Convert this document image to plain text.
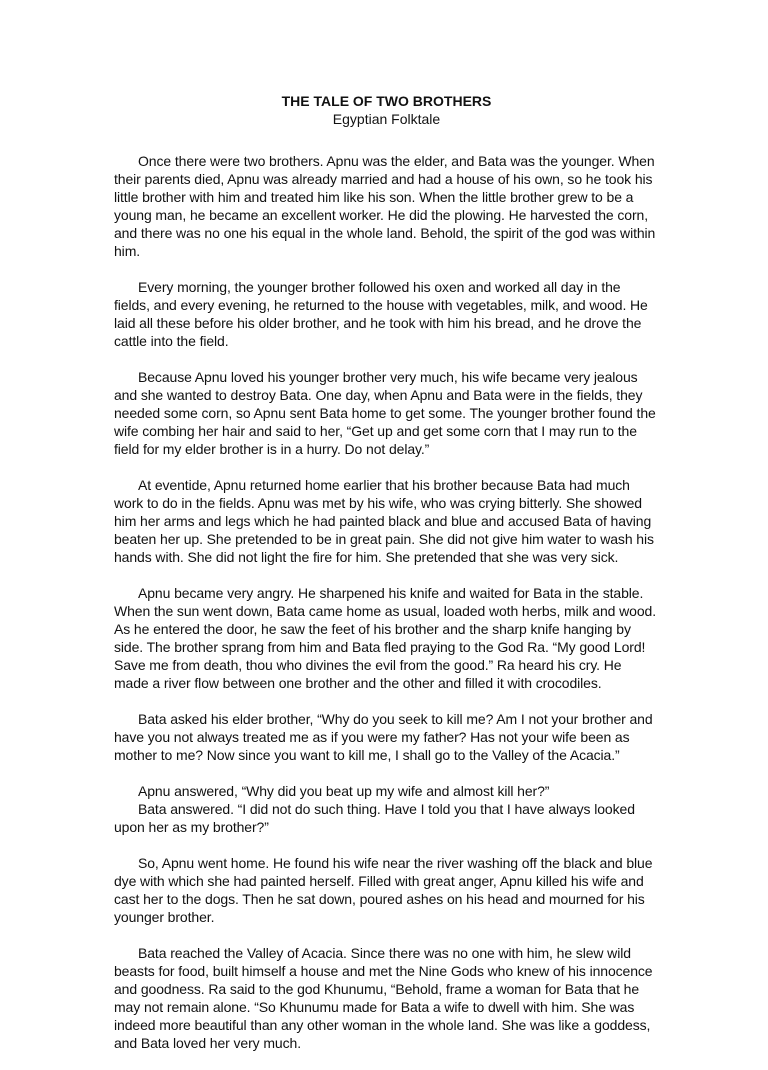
THE TALE OF TWO BROTHERS

Egyptian Folktale

Once there were two brothers. Apnu was the elder, and Bata was the younger. When their parents died, Apnu was already married and had a house of his own, so he took his little brother with him and treated him like his son. When the little brother grew to be a young man, he became an excellent worker. He did the plowing. He harvested the corn, and there was no one his equal in the whole land. Behold, the spirit of the god was within him.

Every morning, the younger brother followed his oxen and worked all day in the fields, and every evening, he returned to the house with vegetables, milk, and wood. He laid all these before his older brother, and he took with him his bread, and he drove the cattle into the field.

Because Apnu loved his younger brother very much, his wife became very jealous and she wanted to destroy Bata. One day, when Apnu and Bata were in the fields, they needed some corn, so Apnu sent Bata home to get some. The younger brother found the wife combing her hair and said to her, “Get up and get some corn that I may run to the field for my elder brother is in a hurry. Do not delay.”

At eventide, Apnu returned home earlier that his brother because Bata had much work to do in the fields. Apnu was met by his wife, who was crying bitterly. She showed him her arms and legs which he had painted black and blue and accused Bata of having beaten her up. She pretended to be in great pain. She did not give him water to wash his hands with. She did not light the fire for him. She pretended that she was very sick.

Apnu became very angry. He sharpened his knife and waited for Bata in the stable. When the sun went down, Bata came home as usual, loaded woth herbs, milk and wood. As he entered the door, he saw the feet of his brother and the sharp knife hanging by side. The brother sprang from him and Bata fled praying to the God Ra. “My good Lord! Save me from death, thou who divines the evil from the good.” Ra heard his cry. He made a river flow between one brother and the other and filled it with crocodiles.

Bata asked his elder brother, “Why do you seek to kill me? Am I not your brother and have you not always treated me as if you were my father? Has not your wife been as mother to me? Now since you want to kill me, I shall go to the Valley of the Acacia.”

Apnu answered, “Why did you beat up my wife and almost kill her?”

Bata answered. “I did not do such thing. Have I told you that I have always looked upon her as my brother?”

So, Apnu went home. He found his wife near the river washing off the black and blue dye with which she had painted herself. Filled with great anger, Apnu killed his wife and cast her to the dogs. Then he sat down, poured ashes on his head and mourned for his younger brother.

Bata reached the Valley of Acacia. Since there was no one with him, he slew wild beasts for food, built himself a house and met the Nine Gods who knew of his innocence and goodness. Ra said to the god Khunumu, “Behold, frame a woman for Bata that he may not remain alone. “So Khunumu made for Bata a wife to dwell with him. She was indeed more beautiful than any other woman in the whole land. She was like a goddess, and Bata loved her very much.
